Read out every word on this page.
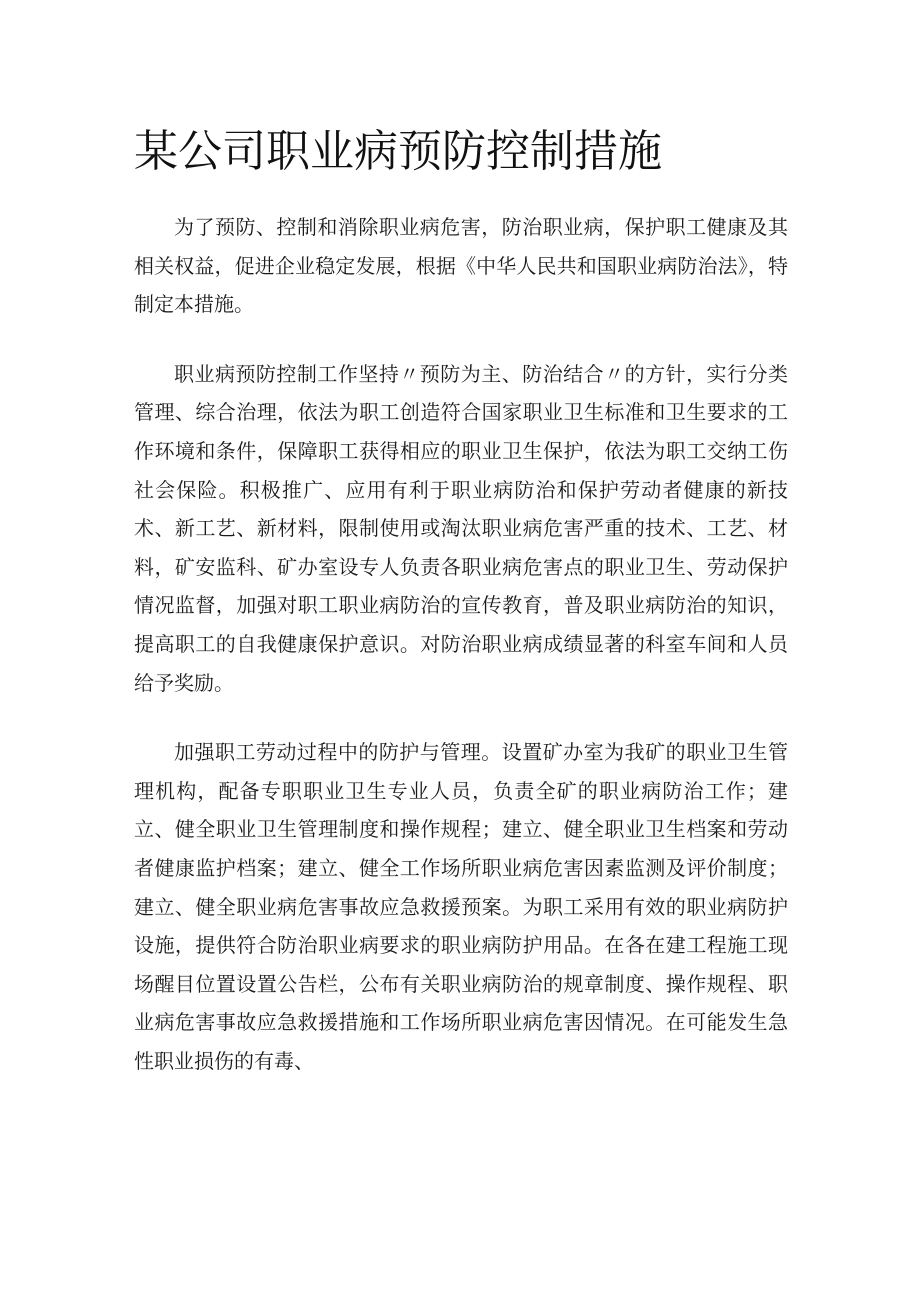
某公司职业病预防控制措施

为了预防、控制和消除职业病危害，防治职业病，保护职工健康及其相关权益，促进企业稳定发展，根据《中华人民共和国职业病防治法》，特制定本措施。

职业病预防控制工作坚持〃预防为主、防治结合〃的方针，实行分类管理、综合治理，依法为职工创造符合国家职业卫生标准和卫生要求的工作环境和条件，保障职工获得相应的职业卫生保护，依法为职工交纳工伤社会保险。积极推广、应用有利于职业病防治和保护劳动者健康的新技术、新工艺、新材料，限制使用或淘汰职业病危害严重的技术、工艺、材料，矿安监科、矿办室设专人负责各职业病危害点的职业卫生、劳动保护情况监督，加强对职工职业病防治的宣传教育，普及职业病防治的知识，提高职工的自我健康保护意识。对防治职业病成绩显著的科室车间和人员给予奖励。

加强职工劳动过程中的防护与管理。设置矿办室为我矿的职业卫生管理机构，配备专职职业卫生专业人员，负责全矿的职业病防治工作；建立、健全职业卫生管理制度和操作规程；建立、健全职业卫生档案和劳动者健康监护档案；建立、健全工作场所职业病危害因素监测及评价制度；建立、健全职业病危害事故应急救援预案。为职工采用有效的职业病防护设施，提供符合防治职业病要求的职业病防护用品。在各在建工程施工现场醒目位置设置公告栏，公布有关职业病防治的规章制度、操作规程、职业病危害事故应急救援措施和工作场所职业病危害因情况。在可能发生急性职业损伤的有毒、
